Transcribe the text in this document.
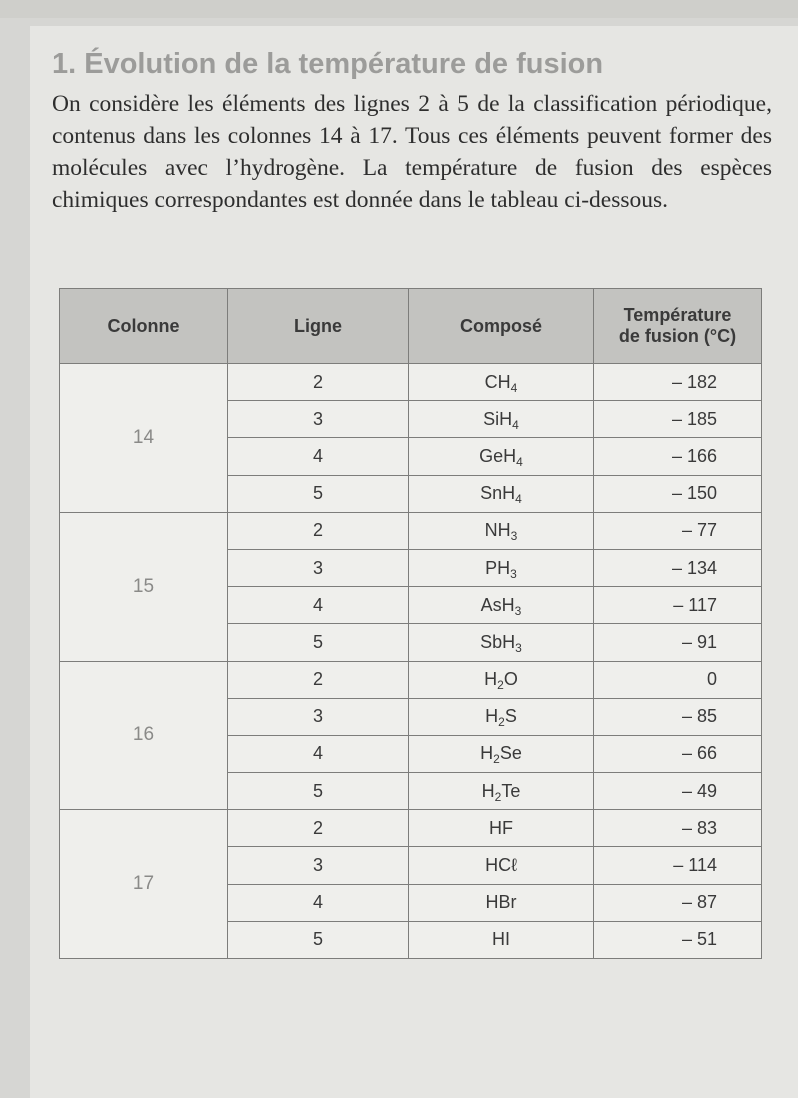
1. Évolution de la température de fusion

On considère les éléments des lignes 2 à 5 de la classification périodique, contenus dans les colonnes 14 à 17. Tous ces éléments peuvent former des molécules avec l’hydrogène. La température de fusion des espèces chimiques correspondantes est donnée dans le tableau ci-dessous.

Colonne	Ligne	Composé	Température
de fusion (°C)
14	2	$CH_4$	– 182
	3	SiH$_4$	– 185
	4	GeH$_4$	– 166
	5	SnH$_4$	– 150
15	2	$NH_3$	– 77
	3	$PH_3$	– 134
	4	AsH$_3$	– 117
	5	SbH$_3$	– 91
16	2	$H_2O$	0
	3	$H_2S$	– 85
	4	$H_2Se$	– 66
	5	$H_2Te$	– 49
17	2	HF	– 83
	3	HCℓ	– 114
	4	HBr	– 87
	5	HI	– 51
